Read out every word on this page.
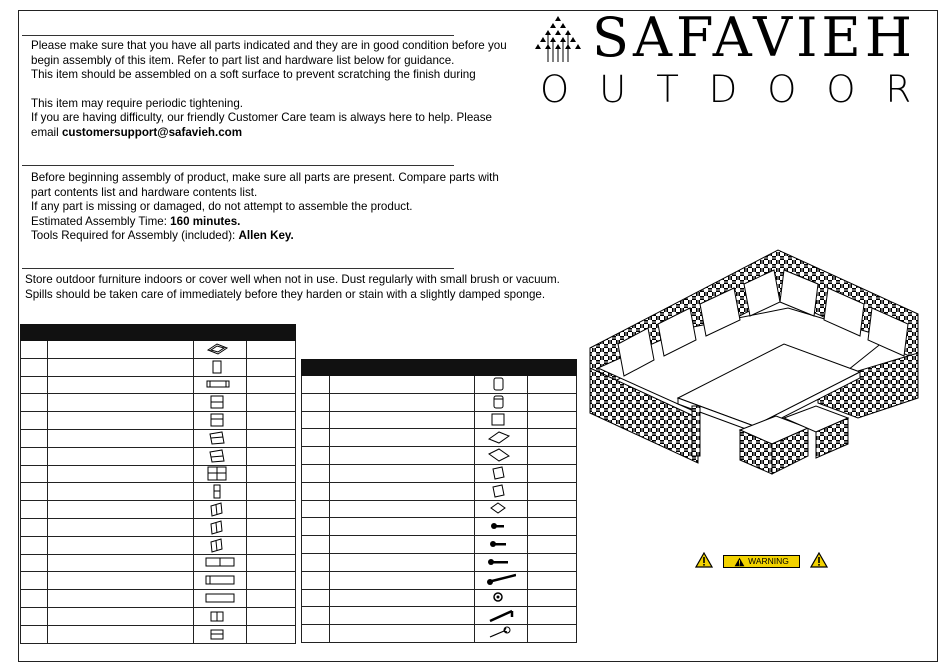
SAFAVIEH
OUTDOOR
Please make sure that you have all parts indicated and they are in good condition before you
begin assembly of this item. Refer to part list and hardware list below for guidance.
This item should be assembled on a soft surface to prevent scratching the finish during
This item may require periodic tightening.
If you are having difficulty, our friendly Customer Care team is always here to help. Please
email customersupport@safavieh.com
Before beginning assembly of product, make sure all parts are present. Compare parts with
part contents list and hardware contents list.
If any part is missing or damaged, do not attempt to assemble the product.
Estimated Assembly Time: 160 minutes.
Tools Required for Assembly (included): Allen Key.
Store outdoor furniture indoors or cover well when not in use. Dust regularly with small brush or vacuum.
Spills should be taken care of immediately before they harden or stain with a slightly damped sponge.

WARNING
